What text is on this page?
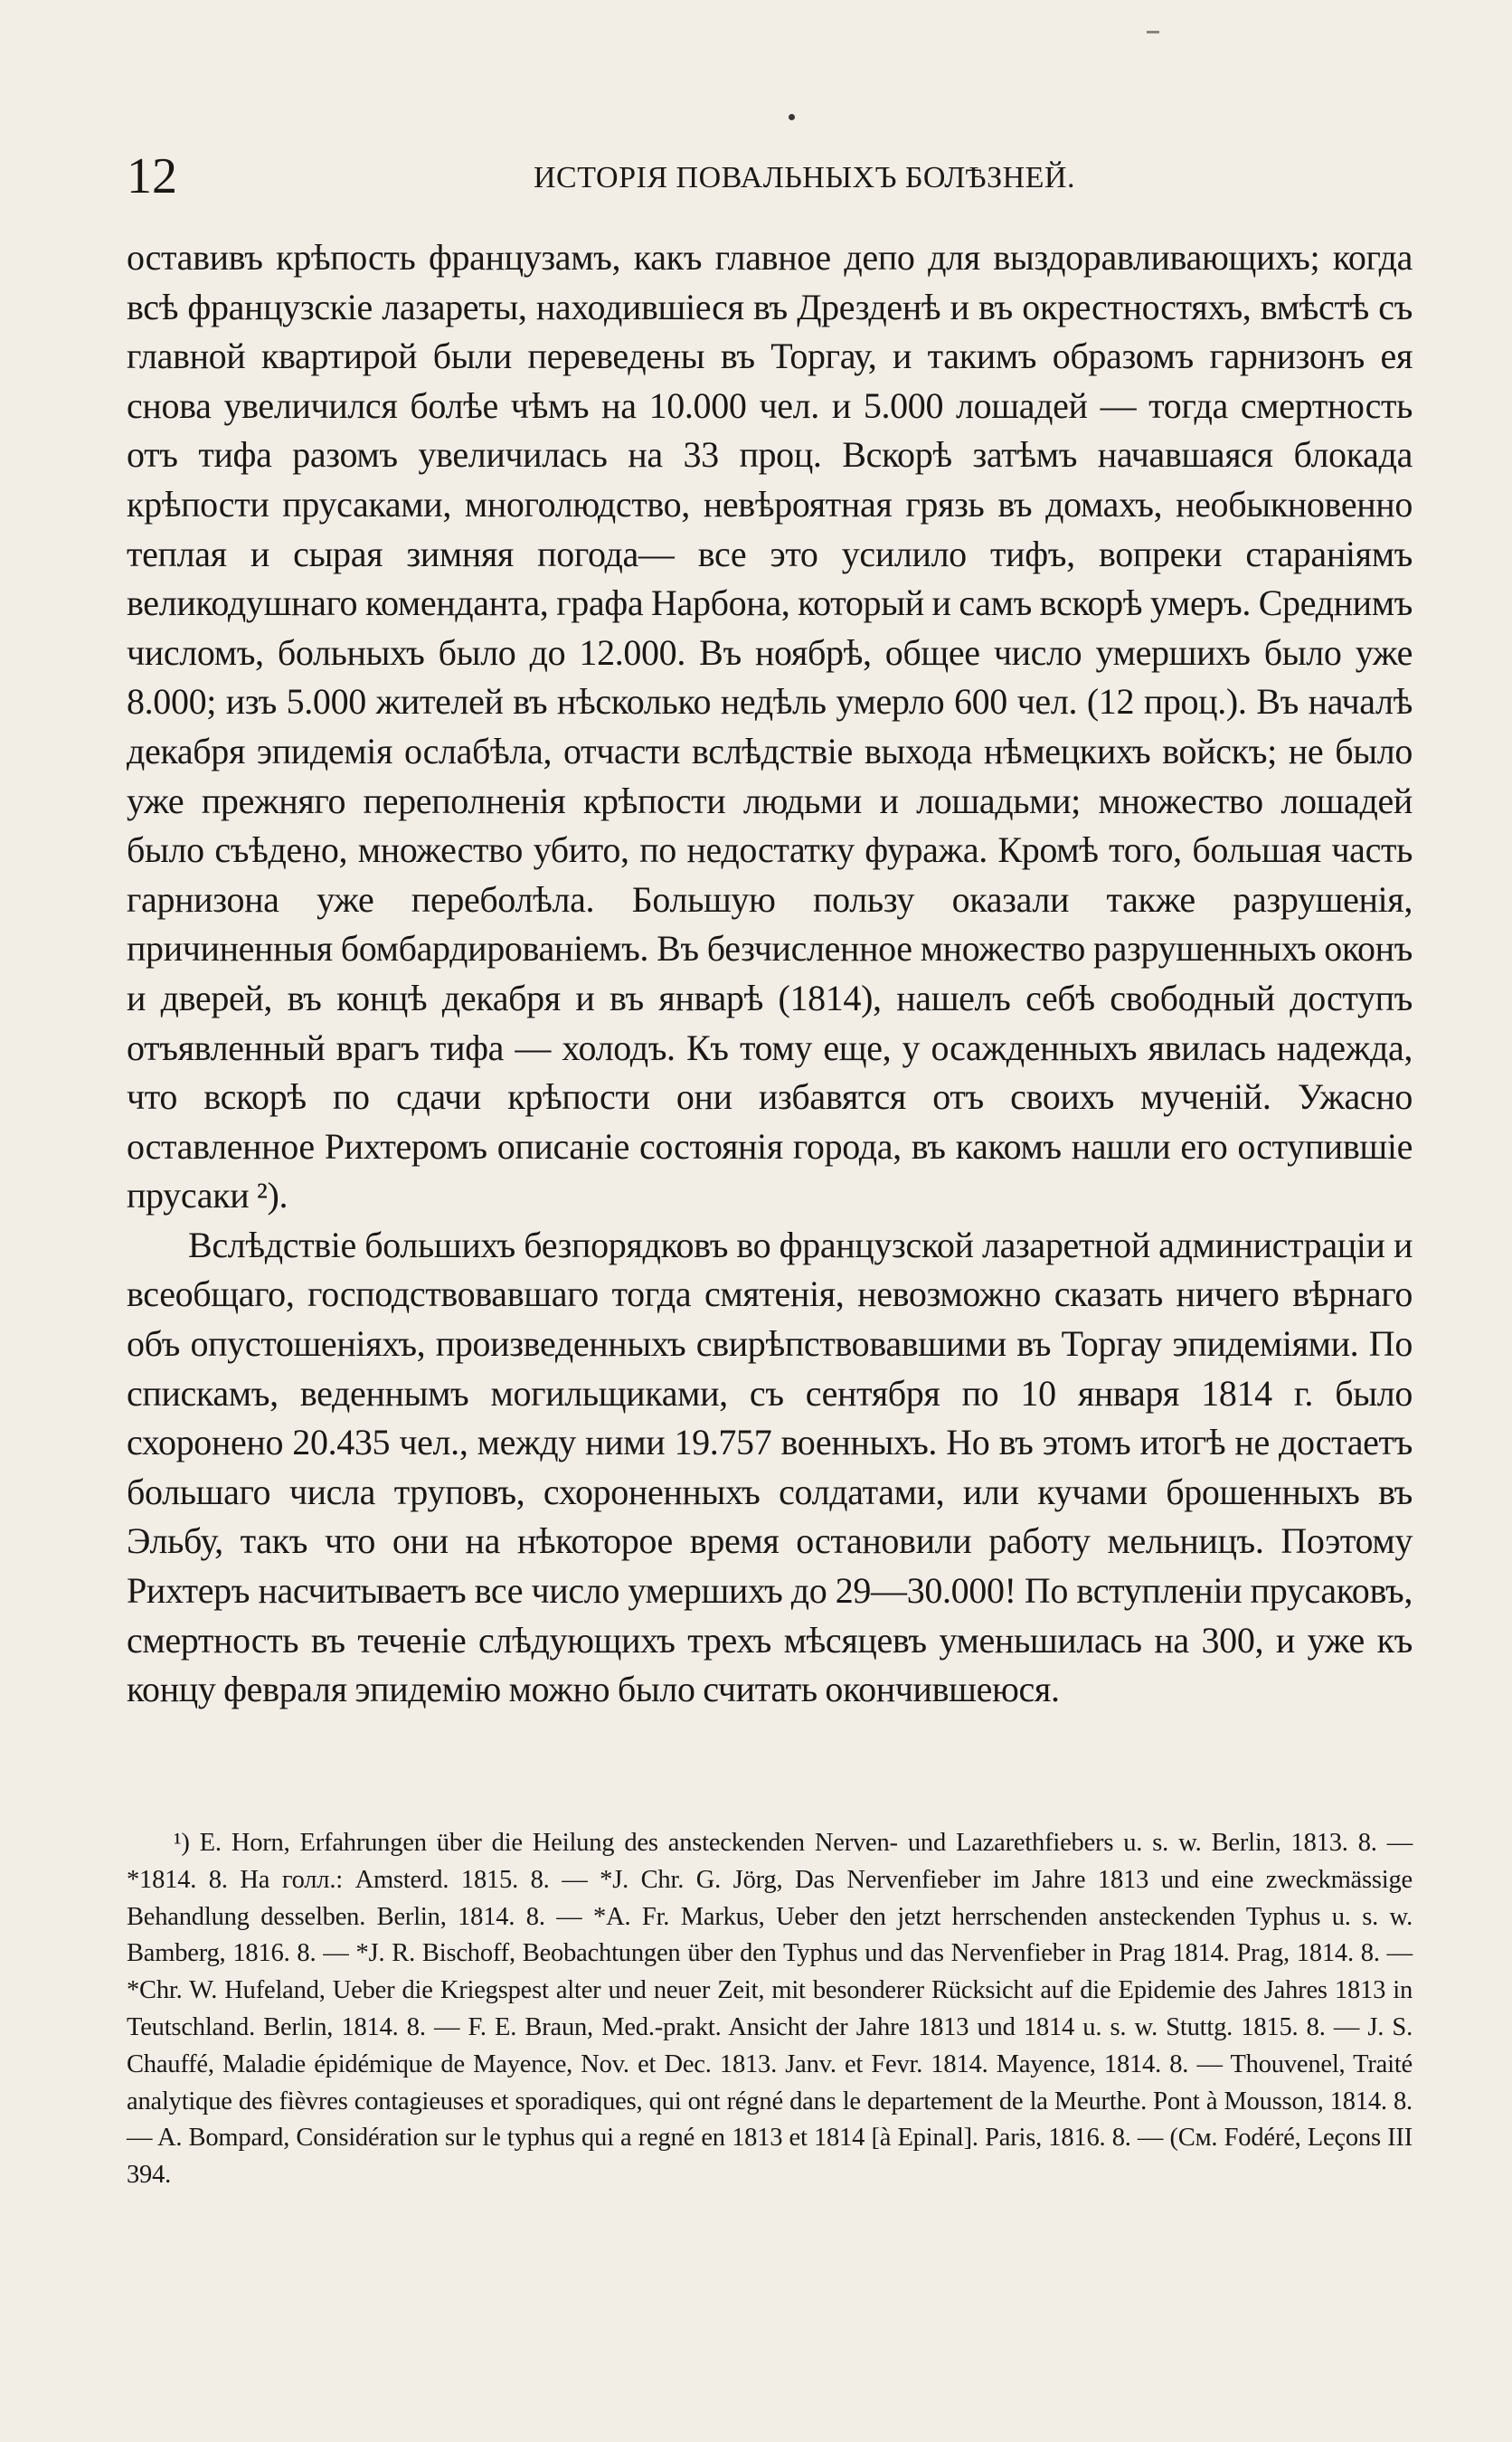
12	ИСТОРІЯ ПОВАЛЬНЫХЪ БОЛѢЗНЕЙ.

оставивъ крѣпость французамъ, какъ главное депо для выздоравливающихъ; когда всѣ французскіе лазареты, находившіеся въ Дрезденѣ и въ окрестностяхъ, вмѣстѣ съ главной квартирой были переведены въ Торгау, и такимъ образомъ гарнизонъ ея снова увеличился болѣе чѣмъ на 10.000 чел. и 5.000 лошадей — тогда смертность отъ тифа разомъ увеличилась на 33 проц. Вскорѣ затѣмъ начавшаяся блокада крѣпости прусаками, многолюдство, невѣроятная грязь въ домахъ, необыкновенно теплая и сырая зимняя погода— все это усилило тифъ, вопреки стараніямъ великодушнаго коменданта, графа Нарбона, который и самъ вскорѣ умеръ. Среднимъ числомъ, больныхъ было до 12.000. Въ ноябрѣ, общее число умершихъ было уже 8.000; изъ 5.000 жителей въ нѣсколько недѣль умерло 600 чел. (12 проц.). Въ началѣ декабря эпидемія ослабѣла, отчасти вслѣдствіе выхода нѣмецкихъ войскъ; не было уже прежняго переполненія крѣпости людьми и лошадьми; множество лошадей было съѣдено, множество убито, по недостатку фуража. Кромѣ того, большая часть гарнизона уже переболѣла. Большую пользу оказали также разрушенія, причиненныя бомбардированіемъ. Въ безчисленное множество разрушенныхъ оконъ и дверей, въ концѣ декабря и въ январѣ (1814), нашелъ себѣ свободный доступъ отъявленный врагъ тифа — холодъ. Къ тому еще, у осажденныхъ явилась надежда, что вскорѣ по сдачи крѣпости они избавятся отъ своихъ мученій. Ужасно оставленное Рихтеромъ описаніе состоянія города, въ какомъ нашли его оступившіе прусаки ²).

Вслѣдствіе большихъ безпорядковъ во французской лазаретной администраціи и всеобщаго, господствовавшаго тогда смятенія, невозможно сказать ничего вѣрнаго объ опустошеніяхъ, произведенныхъ свирѣпствовавшими въ Торгау эпидеміями. По спискамъ, веденнымъ могильщиками, съ сентября по 10 января 1814 г. было схоронено 20.435 чел., между ними 19.757 военныхъ. Но въ этомъ итогѣ не достаетъ большаго числа труповъ, схороненныхъ солдатами, или кучами брошенныхъ въ Эльбу, такъ что они на нѣкоторое время остановили работу мельницъ. Поэтому Рихтеръ насчитываетъ все число умершихъ до 29—30.000! По вступленіи прусаковъ, смертность въ теченіе слѣдующихъ трехъ мѣсяцевъ уменьшилась на 300, и уже къ концу февраля эпидемію можно было считать окончившеюся.

¹) E. Horn, Erfahrungen über die Heilung des ansteckenden Nerven- und Lazarethfiebers u. s. w. Berlin, 1813. 8. — *1814. 8. На голл.: Amsterd. 1815. 8. — *J. Chr. G. Jörg, Das Nervenfieber im Jahre 1813 und eine zweckmässige Behandlung desselben. Berlin, 1814. 8. — *A. Fr. Markus, Ueber den jetzt herrschenden ansteckenden Typhus u. s. w. Bamberg, 1816. 8. — *J. R. Bischoff, Beobachtungen über den Typhus und das Nervenfieber in Prag 1814. Prag, 1814. 8. — *Chr. W. Hufeland, Ueber die Kriegspest alter und neuer Zeit, mit besonderer Rücksicht auf die Epidemie des Jahres 1813 in Teutschland. Berlin, 1814. 8. — F. E. Braun, Med.-prakt. Ansicht der Jahre 1813 und 1814 u. s. w. Stuttg. 1815. 8. — J. S. Chauffé, Maladie épidémique de Mayence, Nov. et Dec. 1813. Janv. et Fevr. 1814. Mayence, 1814. 8. — Thouvenel, Traité analytique des fièvres contagieuses et sporadiques, qui ont régné dans le departement de la Meurthe. Pont à Mousson, 1814. 8. — A. Bompard, Considération sur le typhus qui a regné en 1813 et 1814 [à Epinal]. Paris, 1816. 8. — (См. Fodéré, Leçons III 394.
